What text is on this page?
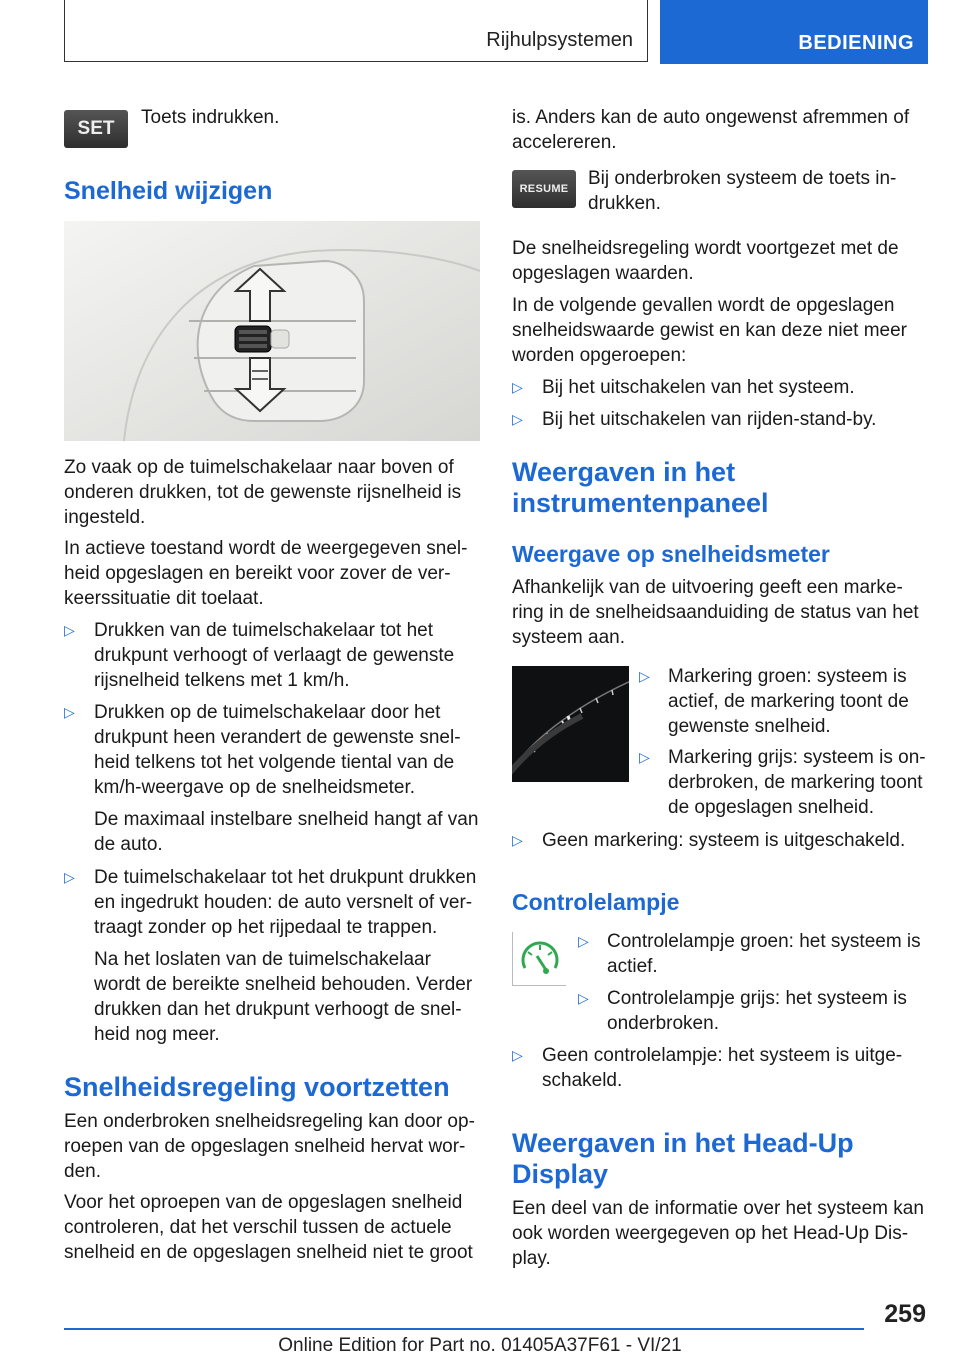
Rijhulpsystemen	BEDIENING
SET

Toets indrukken.

Snelheid wijzigen

Zo vaak op de tuimelschakelaar naar boven of
onderen drukken, tot de gewenste rijsnelheid is
ingesteld.

In actieve toestand wordt de weergegeven snel-
heid opgeslagen en bereikt voor zover de ver-
keerssituatie dit toelaat.

▷ Drukken van de tuimelschakelaar tot het
drukpunt verhoogt of verlaagt de gewenste
rijsnelheid telkens met 1 km/h.

▷ Drukken op de tuimelschakelaar door het
drukpunt heen verandert de gewenste snel-
heid telkens tot het volgende tiental van de
km/h-weergave op de snelheidsmeter.

De maximaal instelbare snelheid hangt af van
de auto.

▷ De tuimelschakelaar tot het drukpunt drukken
en ingedrukt houden: de auto versnelt of ver-
traagt zonder op het rijpedaal te trappen.

Na het loslaten van de tuimelschakelaar
wordt de bereikte snelheid behouden. Verder
drukken dan het drukpunt verhoogt de snel-
heid nog meer.

Snelheidsregeling voortzetten

Een onderbroken snelheidsregeling kan door op-
roepen van de opgeslagen snelheid hervat wor-
den.

Voor het oproepen van de opgeslagen snelheid
controleren, dat het verschil tussen de actuele
snelheid en de opgeslagen snelheid niet te groot

is. Anders kan de auto ongewenst afremmen of
accelereren.

RESUME	Bij onderbroken systeem de toets in-
drukken.

De snelheidsregeling wordt voortgezet met de
opgeslagen waarden.

In de volgende gevallen wordt de opgeslagen
snelheidswaarde gewist en kan deze niet meer
worden opgeroepen:

▷ Bij het uitschakelen van het systeem.

▷ Bij het uitschakelen van rijden-stand-by.

Weergaven in het
instrumentenpaneel
Weergave op snelheidsmeter

Afhankelijk van de uitvoering geeft een marke-
ring in de snelheidsaanduiding de status van het
systeem aan.

▷ Markering groen: systeem is
actief, de markering toont de
gewenste snelheid.

▷ Markering grijs: systeem is on-
derbroken, de markering toont
de opgeslagen snelheid.

▷ Geen markering: systeem is uitgeschakeld.

Controlelampje
▷ Controlelampje groen: het systeem is
actief.

▷ Controlelampje grijs: het systeem is
onderbroken.

▷ Geen controlelampje: het systeem is uitge-
schakeld.

Weergaven in het Head-Up
Display

Een deel van de informatie over het systeem kan
ook worden weergegeven op het Head-Up Dis-
play.

259
Online Edition for Part no. 01405A37F61 - VI/21
